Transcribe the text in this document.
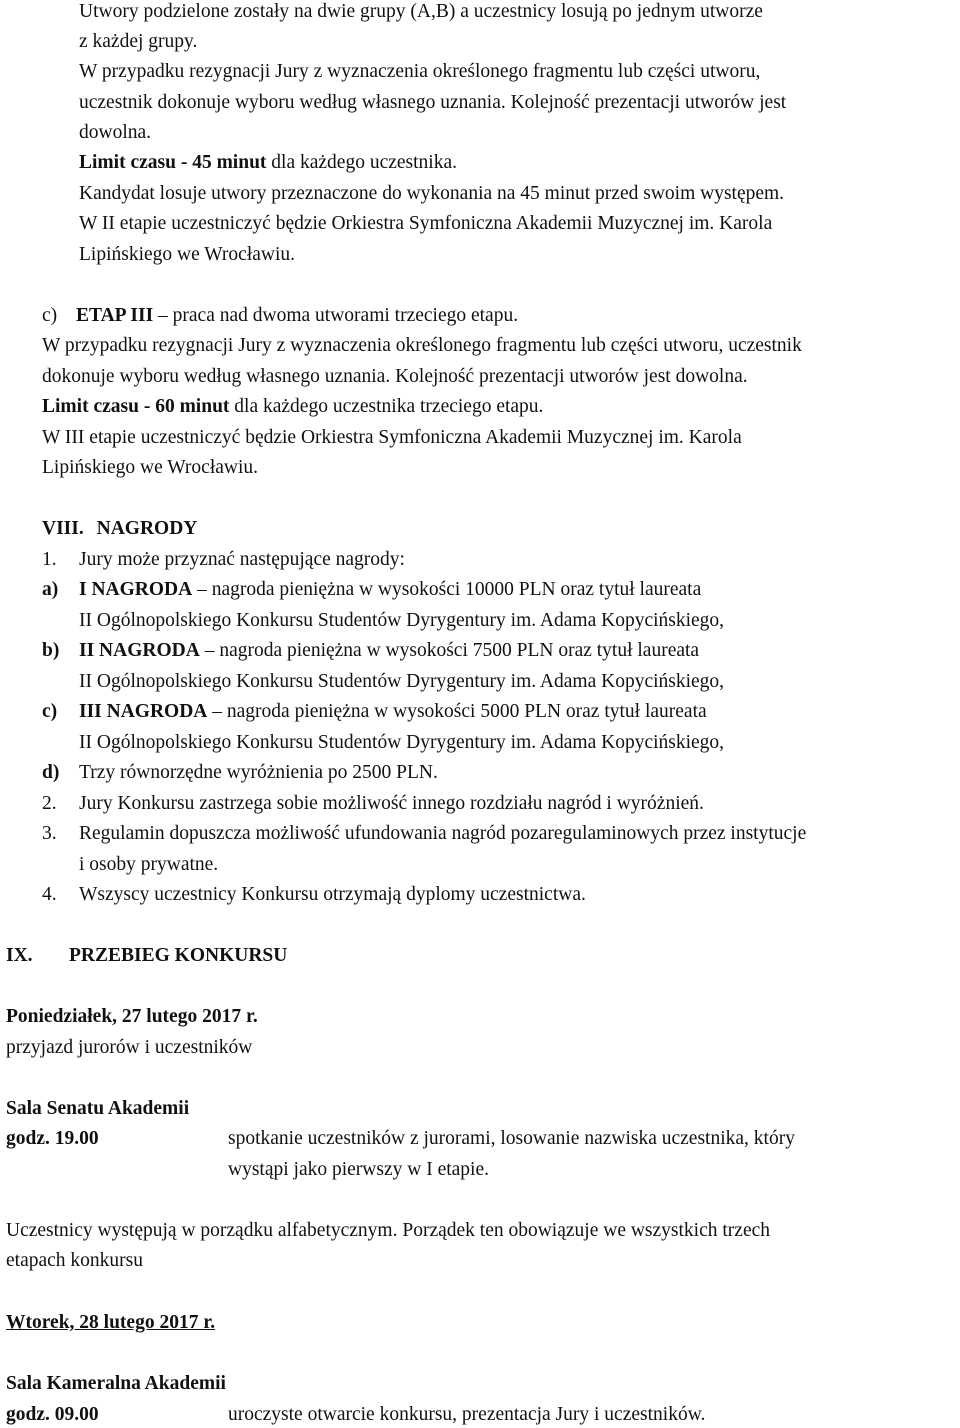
Utwory podzielone zostały na dwie grupy (A,B) a uczestnicy losują po jednym utworze
z każdej grupy.
W przypadku rezygnacji Jury z wyznaczenia określonego fragmentu lub części utworu,
uczestnik dokonuje wyboru według własnego uznania. Kolejność prezentacji utworów jest
dowolna.
Limit czasu - 45 minut dla każdego uczestnika.
Kandydat losuje utwory przeznaczone do wykonania na 45 minut przed swoim występem.
W II etapie uczestniczyć będzie Orkiestra Symfoniczna Akademii Muzycznej im. Karola
Lipińskiego we Wrocławiu.
c) ETAP III – praca nad dwoma utworami trzeciego etapu.
W przypadku rezygnacji Jury z wyznaczenia określonego fragmentu lub części utworu, uczestnik
dokonuje wyboru według własnego uznania. Kolejność prezentacji utworów jest dowolna.
Limit czasu - 60 minut dla każdego uczestnika trzeciego etapu.
W III etapie uczestniczyć będzie Orkiestra Symfoniczna Akademii Muzycznej im. Karola
Lipińskiego we Wrocławiu.
VIII. NAGRODY
1. Jury może przyznać następujące nagrody:
a) I NAGRODA – nagroda pieniężna w wysokości 10000 PLN oraz tytuł laureata
II Ogólnopolskiego Konkursu Studentów Dyrygentury im. Adama Kopycińskiego,
b) II NAGRODA – nagroda pieniężna w wysokości 7500 PLN oraz tytuł laureata
II Ogólnopolskiego Konkursu Studentów Dyrygentury im. Adama Kopycińskiego,
c) III NAGRODA – nagroda pieniężna w wysokości 5000 PLN oraz tytuł laureata
II Ogólnopolskiego Konkursu Studentów Dyrygentury im. Adama Kopycińskiego,
d) Trzy równorzędne wyróżnienia po 2500 PLN.
2. Jury Konkursu zastrzega sobie możliwość innego rozdziału nagród i wyróżnień.
3. Regulamin dopuszcza możliwość ufundowania nagród pozaregulaminowych przez instytucje
i osoby prywatne.
4. Wszyscy uczestnicy Konkursu otrzymają dyplomy uczestnictwa.
IX. PRZEBIEG KONKURSU
Poniedziałek, 27 lutego 2017 r.
przyjazd jurorów i uczestników
Sala Senatu Akademii
godz. 19.00	spotkanie uczestników z jurorami, losowanie nazwiska uczestnika, który
wystąpi jako pierwszy w I etapie.
Uczestnicy występują w porządku alfabetycznym. Porządek ten obowiązuje we wszystkich trzech
etapach konkursu
Wtorek, 28 lutego 2017 r.
Sala Kameralna Akademii
godz. 09.00	uroczyste otwarcie konkursu, prezentacja Jury i uczestników.
